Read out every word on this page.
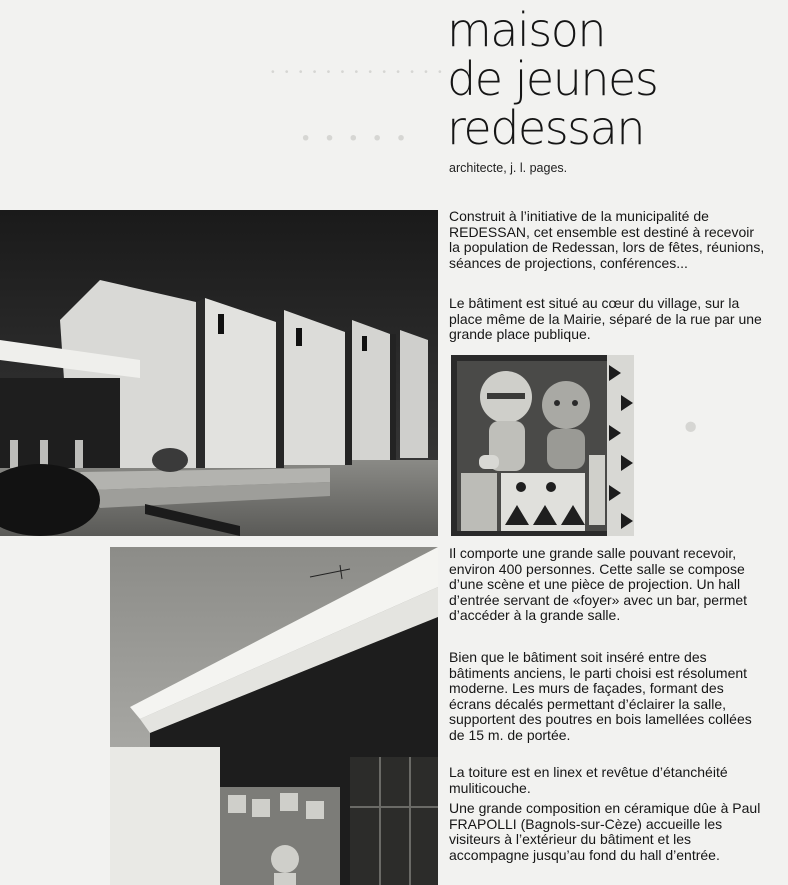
· · · · · · · · · · · · · · ·
· · · · ·
·
maison
de jeunes
redessan
architecte, j. l. pages.

Construit à l’initiative de la municipalité de REDESSAN, cet ensemble est destiné à recevoir la population de Redessan, lors de fêtes, réunions, séances de projections, conférences...

Le bâtiment est situé au cœur du village, sur la place même de la Mairie, séparé de la rue par une grande place publique.

Il comporte une grande salle pouvant recevoir, environ 400 personnes. Cette salle se compose d’une scène et une pièce de projection. Un hall d’entrée servant de «foyer» avec un bar, permet d’accéder à la grande salle.

Bien que le bâtiment soit inséré entre des bâtiments anciens, le parti choisi est résolument moderne. Les murs de façades, formant des écrans décalés permettant d’éclairer la salle, supportent des poutres en bois lamellées collées de 15 m. de portée.

La toiture est en linex et revêtue d’étanchéité muliticouche.

Une grande composition en céramique dûe à Paul FRAPOLLI (Bagnols-sur-Cèze) accueille les visiteurs à l’extérieur du bâtiment et les accompagne jusqu’au fond du hall d’entrée.
